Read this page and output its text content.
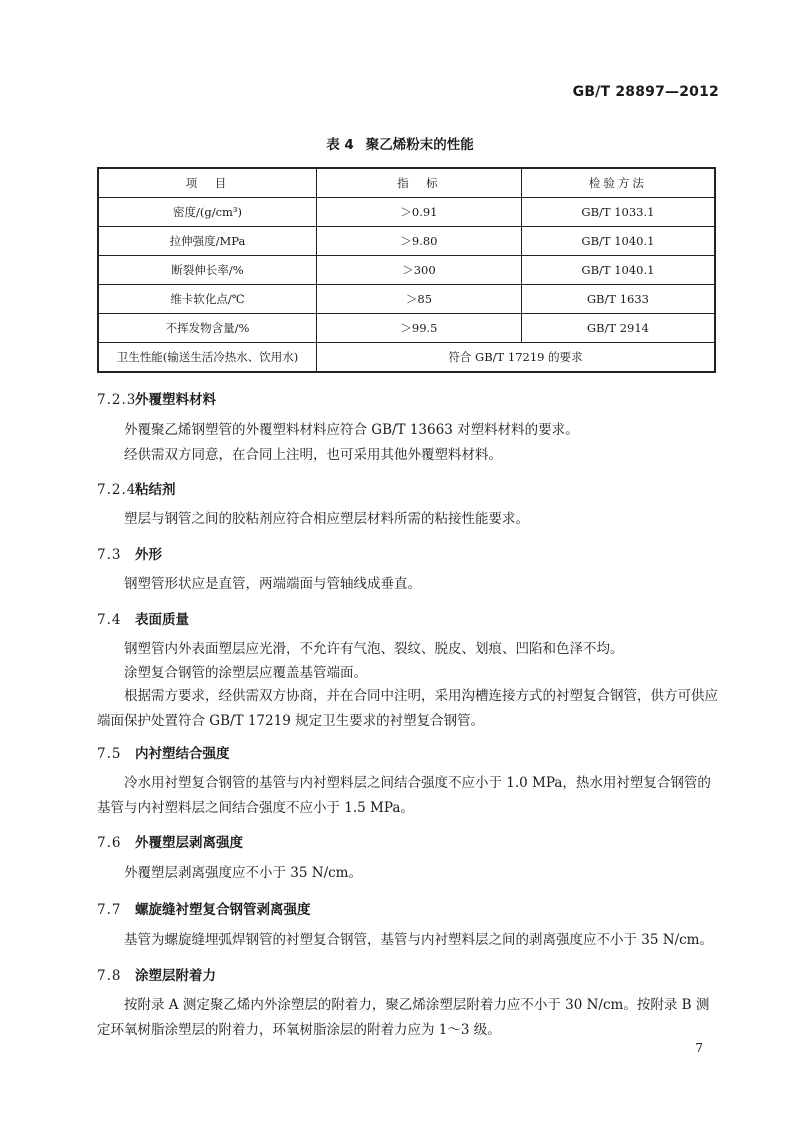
GB/T 28897—2012
表 4 聚乙烯粉末的性能
项　目	指　标	检验方法
密度/(g/cm³)	＞0.91	GB/T 1033.1
拉伸强度/MPa	＞9.80	GB/T 1040.1
断裂伸长率/%	＞300	GB/T 1040.1
维卡软化点/℃	＞85	GB/T 1633
不挥发物含量/%	＞99.5	GB/T 2914
卫生性能(输送生活冷热水、饮用水)	符合 GB/T 17219 的要求	
7.2.3外覆塑料材料
外覆聚乙烯钢塑管的外覆塑料材料应符合 GB/T 13663 对塑料材料的要求。
经供需双方同意，在合同上注明，也可采用其他外覆塑料材料。
7.2.4粘结剂
塑层与钢管之间的胶粘剂应符合相应塑层材料所需的粘接性能要求。
7.3 外形
钢塑管形状应是直管，两端端面与管轴线成垂直。
7.4 表面质量
钢塑管内外表面塑层应光滑，不允许有气泡、裂纹、脱皮、划痕、凹陷和色泽不均。
涂塑复合钢管的涂塑层应覆盖基管端面。
根据需方要求，经供需双方协商，并在合同中注明，采用沟槽连接方式的衬塑复合钢管，供方可供应端面保护处置符合 GB/T 17219 规定卫生要求的衬塑复合钢管。
7.5 内衬塑结合强度
冷水用衬塑复合钢管的基管与内衬塑料层之间结合强度不应小于 1.0 MPa，热水用衬塑复合钢管的基管与内衬塑料层之间结合强度不应小于 1.5 MPa。
7.6 外覆塑层剥离强度
外覆塑层剥离强度应不小于 35 N/cm。
7.7 螺旋缝衬塑复合钢管剥离强度
基管为螺旋缝埋弧焊钢管的衬塑复合钢管，基管与内衬塑料层之间的剥离强度应不小于 35 N/cm。
7.8 涂塑层附着力
按附录 A 测定聚乙烯内外涂塑层的附着力，聚乙烯涂塑层附着力应不小于 30 N/cm。按附录 B 测定环氧树脂涂塑层的附着力，环氧树脂涂层的附着力应为 1～3 级。
7
